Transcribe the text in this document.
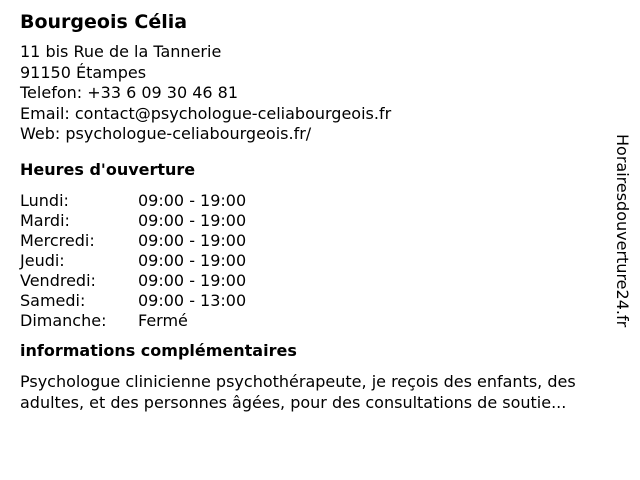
Bourgeois Célia
11 bis Rue de la Tannerie
91150 Étampes
Telefon: +33 6 09 30 46 81
Email: contact@psychologue-celiabourgeois.fr
Web: psychologue-celiabourgeois.fr/
Heures d'ouverture
Lundi:	09:00 - 19:00
Mardi:	09:00 - 19:00
Mercredi:	09:00 - 19:00
Jeudi:	09:00 - 19:00
Vendredi:	09:00 - 19:00
Samedi:	09:00 - 13:00
Dimanche:	Fermé
informations complémentaires
Psychologue clinicienne psychothérapeute, je reçois des enfants, des adultes, et des personnes âgées, pour des consultations de soutie...
Horairesdouverture24.fr
